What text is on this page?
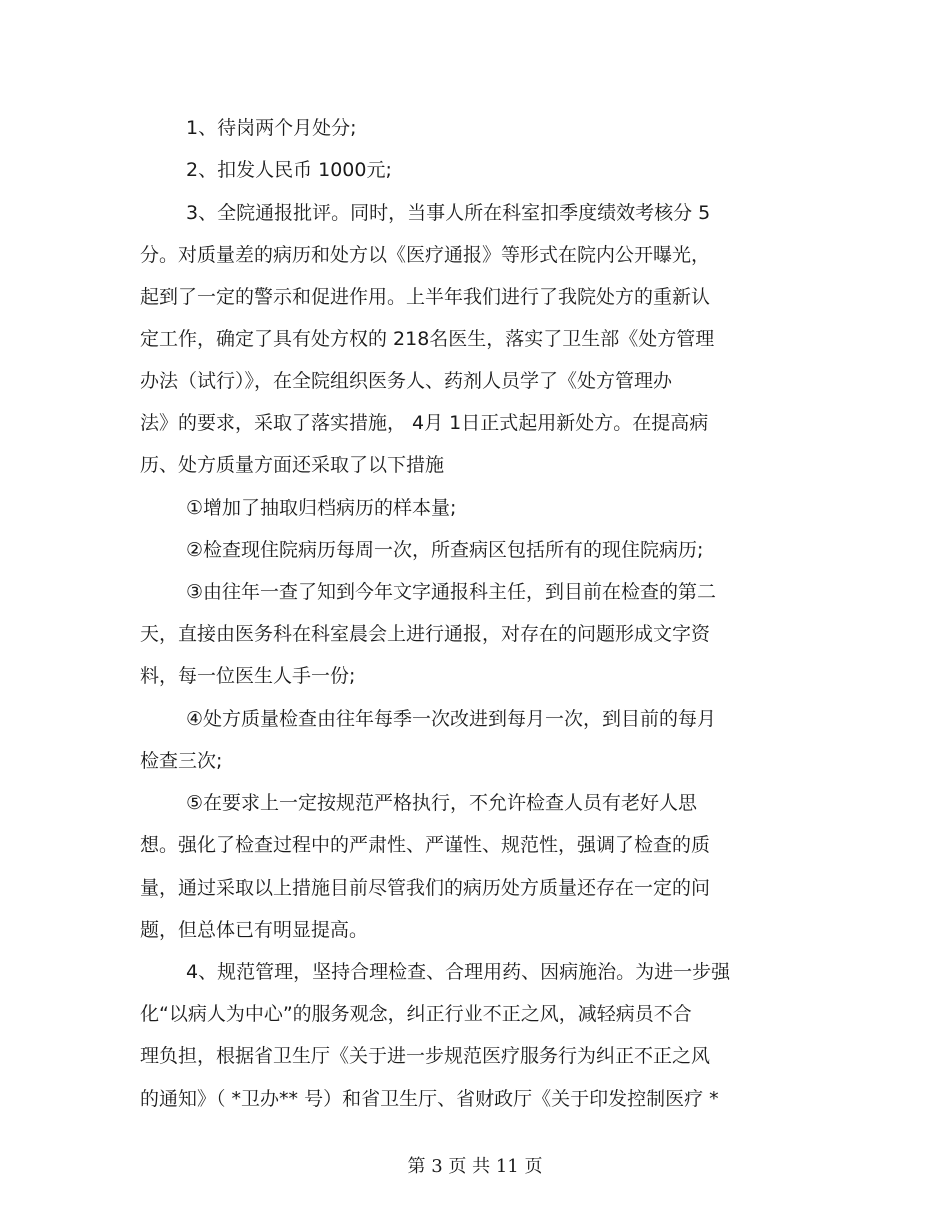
1、待岗两个月处分;
2、扣发人民币 1000元;
3、全院通报批评。同时，当事人所在科室扣季度绩效考核分 5
分。对质量差的病历和处方以《医疗通报》等形式在院内公开曝光，
起到了一定的警示和促进作用。上半年我们进行了我院处方的重新认
定工作，确定了具有处方权的 218名医生，落实了卫生部《处方管理
办法（试行）》，在全院组织医务人、药剂人员学了《处方管理办
法》的要求，采取了落实措施， 4月 1日正式起用新处方。在提高病
历、处方质量方面还采取了以下措施
①增加了抽取归档病历的样本量;
②检查现住院病历每周一次，所查病区包括所有的现住院病历;
③由往年一查了知到今年文字通报科主任，到目前在检查的第二
天，直接由医务科在科室晨会上进行通报，对存在的问题形成文字资
料，每一位医生人手一份;
④处方质量检查由往年每季一次改进到每月一次，到目前的每月
检查三次;
⑤在要求上一定按规范严格执行，不允许检查人员有老好人思
想。强化了检查过程中的严肃性、严谨性、规范性，强调了检查的质
量，通过采取以上措施目前尽管我们的病历处方质量还存在一定的问
题，但总体已有明显提高。
4、规范管理，坚持合理检查、合理用药、因病施治。为进一步强
化“以病人为中心”的服务观念，纠正行业不正之风，减轻病员不合
理负担，根据省卫生厅《关于进一步规范医疗服务行为纠正不正之风
的通知》（ *卫办** 号）和省卫生厅、省财政厅《关于印发控制医疗 *
第 3 页 共 11 页
